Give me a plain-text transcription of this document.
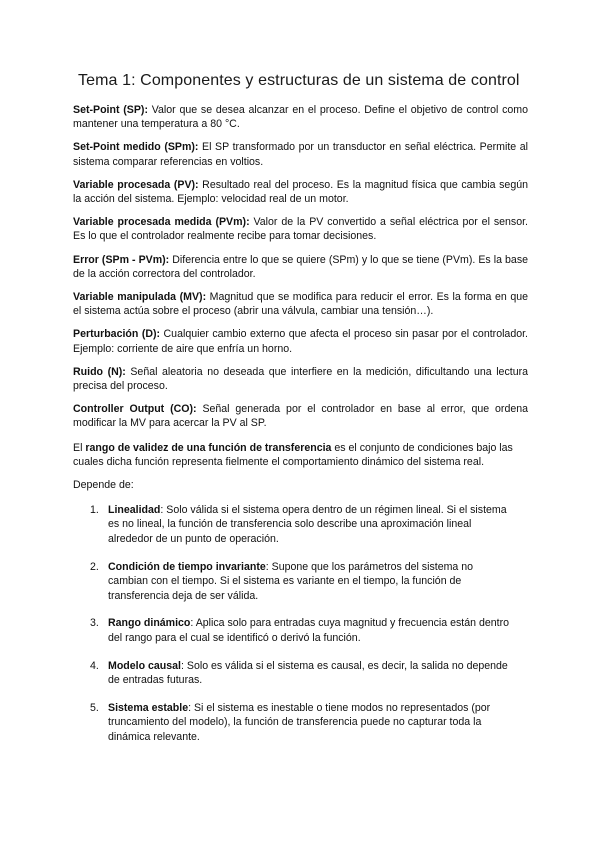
Tema 1: Componentes y estructuras de un sistema de control

Set-Point (SP): Valor que se desea alcanzar en el proceso. Define el objetivo de control como mantener una temperatura a 80 °C.

Set-Point medido (SPm): El SP transformado por un transductor en señal eléctrica. Permite al sistema comparar referencias en voltios.

Variable procesada (PV): Resultado real del proceso. Es la magnitud física que cambia según la acción del sistema. Ejemplo: velocidad real de un motor.

Variable procesada medida (PVm): Valor de la PV convertido a señal eléctrica por el sensor. Es lo que el controlador realmente recibe para tomar decisiones.

Error (SPm - PVm): Diferencia entre lo que se quiere (SPm) y lo que se tiene (PVm). Es la base de la acción correctora del controlador.

Variable manipulada (MV): Magnitud que se modifica para reducir el error. Es la forma en que el sistema actúa sobre el proceso (abrir una válvula, cambiar una tensión…).

Perturbación (D): Cualquier cambio externo que afecta el proceso sin pasar por el controlador. Ejemplo: corriente de aire que enfría un horno.

Ruido (N): Señal aleatoria no deseada que interfiere en la medición, dificultando una lectura precisa del proceso.

Controller Output (CO): Señal generada por el controlador en base al error, que ordena modificar la MV para acercar la PV al SP.

El rango de validez de una función de transferencia es el conjunto de condiciones bajo las cuales dicha función representa fielmente el comportamiento dinámico del sistema real.

Depende de:

1. Linealidad: Solo válida si el sistema opera dentro de un régimen lineal. Si el sistema es no lineal, la función de transferencia solo describe una aproximación lineal alrededor de un punto de operación.
2. Condición de tiempo invariante: Supone que los parámetros del sistema no cambian con el tiempo. Si el sistema es variante en el tiempo, la función de transferencia deja de ser válida.
3. Rango dinámico: Aplica solo para entradas cuya magnitud y frecuencia están dentro del rango para el cual se identificó o derivó la función.
4. Modelo causal: Solo es válida si el sistema es causal, es decir, la salida no depende de entradas futuras.
5. Sistema estable: Si el sistema es inestable o tiene modos no representados (por truncamiento del modelo), la función de transferencia puede no capturar toda la dinámica relevante.
